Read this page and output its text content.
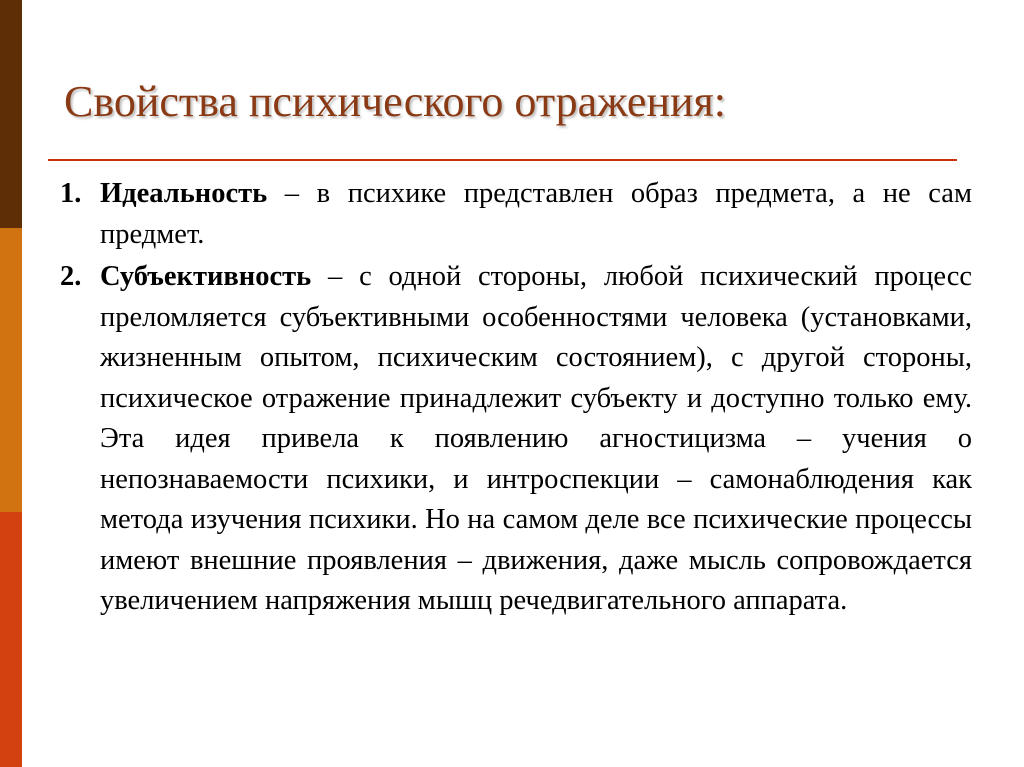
Свойства психического отражения:
1. Идеальность – в психике представлен образ предмета, а не сам предмет.
2. Субъективность – с одной стороны, любой психический процесс преломляется субъективными особенностями человека (установками, жизненным опытом, психическим состоянием), с другой стороны, психическое отражение принадлежит субъекту и доступно только ему. Эта идея привела к появлению агностицизма – учения о непознаваемости психики, и интроспекции – самонаблюдения как метода изучения психики. Но на самом деле все психические процессы имеют внешние проявления – движения, даже мысль сопровождается увеличением напряжения мышц речедвигательного аппарата.
